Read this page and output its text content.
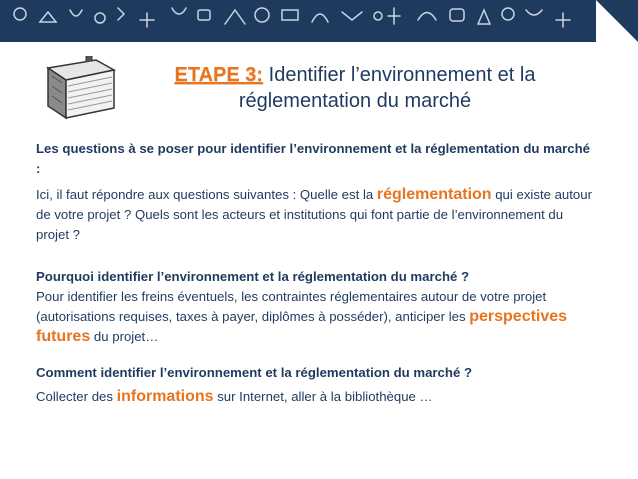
ETAPE 3: Identifier l’environnement et la
réglementation du marché

Les questions à se poser pour identifier l’environnement et la réglementation du marché :

Ici, il faut répondre aux questions suivantes : Quelle est la réglementation qui existe autour de votre projet ? Quels sont les acteurs et institutions qui font partie de l’environnement du projet ?

Pourquoi identifier l’environnement et la réglementation du marché ?

Pour identifier les freins éventuels, les contraintes réglementaires autour de votre projet (autorisations requises, taxes à payer, diplômes à posséder), anticiper les perspectives futures du projet…

Comment identifier l’environnement et la réglementation du marché ?

Collecter des informations sur Internet, aller à la bibliothèque …
